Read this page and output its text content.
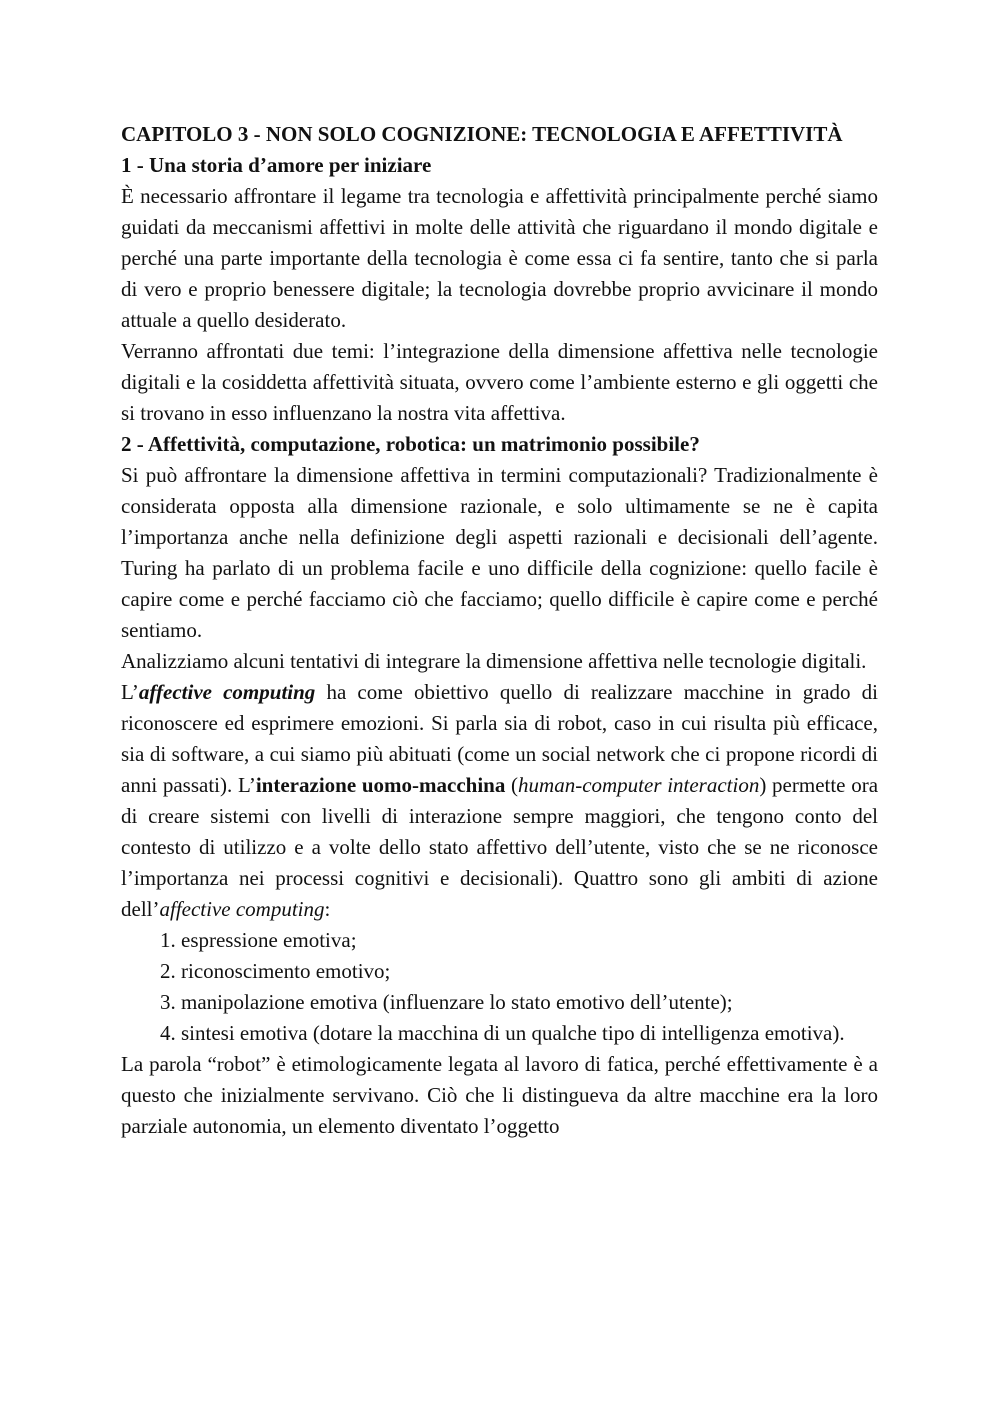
CAPITOLO 3 - NON SOLO COGNIZIONE: TECNOLOGIA E AFFETTIVITÀ
1 - Una storia d’amore per iniziare

È necessario affrontare il legame tra tecnologia e affettività principalmente perché siamo guidati da meccanismi affettivi in molte delle attività che riguardano il mondo digitale e perché una parte importante della tecnologia è come essa ci fa sentire, tanto che si parla di vero e proprio benessere digitale; la tecnologia dovrebbe proprio avvicinare il mondo attuale a quello desiderato.

Verranno affrontati due temi: l’integrazione della dimensione affettiva nelle tecnologie digitali e la cosiddetta affettività situata, ovvero come l’ambiente esterno e gli oggetti che si trovano in esso influenzano la nostra vita affettiva.

2 - Affettività, computazione, robotica: un matrimonio possibile?

Si può affrontare la dimensione affettiva in termini computazionali? Tradizionalmente è considerata opposta alla dimensione razionale, e solo ultimamente se ne è capita l’importanza anche nella definizione degli aspetti razionali e decisionali dell’agente. Turing ha parlato di un problema facile e uno difficile della cognizione: quello facile è capire come e perché facciamo ciò che facciamo; quello difficile è capire come e perché sentiamo.

Analizziamo alcuni tentativi di integrare la dimensione affettiva nelle tecnologie digitali.

L’affective computing ha come obiettivo quello di realizzare macchine in grado di riconoscere ed esprimere emozioni. Si parla sia di robot, caso in cui risulta più efficace, sia di software, a cui siamo più abituati (come un social network che ci propone ricordi di anni passati). L’interazione uomo-macchina (human-computer interaction) permette ora di creare sistemi con livelli di interazione sempre maggiori, che tengono conto del contesto di utilizzo e a volte dello stato affettivo dell’utente, visto che se ne riconosce l’importanza nei processi cognitivi e decisionali). Quattro sono gli ambiti di azione dell’affective computing:

1. espressione emotiva;
2. riconoscimento emotivo;
3. manipolazione emotiva (influenzare lo stato emotivo dell’utente);
4. sintesi emotiva (dotare la macchina di un qualche tipo di intelligenza emotiva).

La parola “robot” è etimologicamente legata al lavoro di fatica, perché effettivamente è a questo che inizialmente servivano. Ciò che li distingueva da altre macchine era la loro parziale autonomia, un elemento diventato l’oggetto
